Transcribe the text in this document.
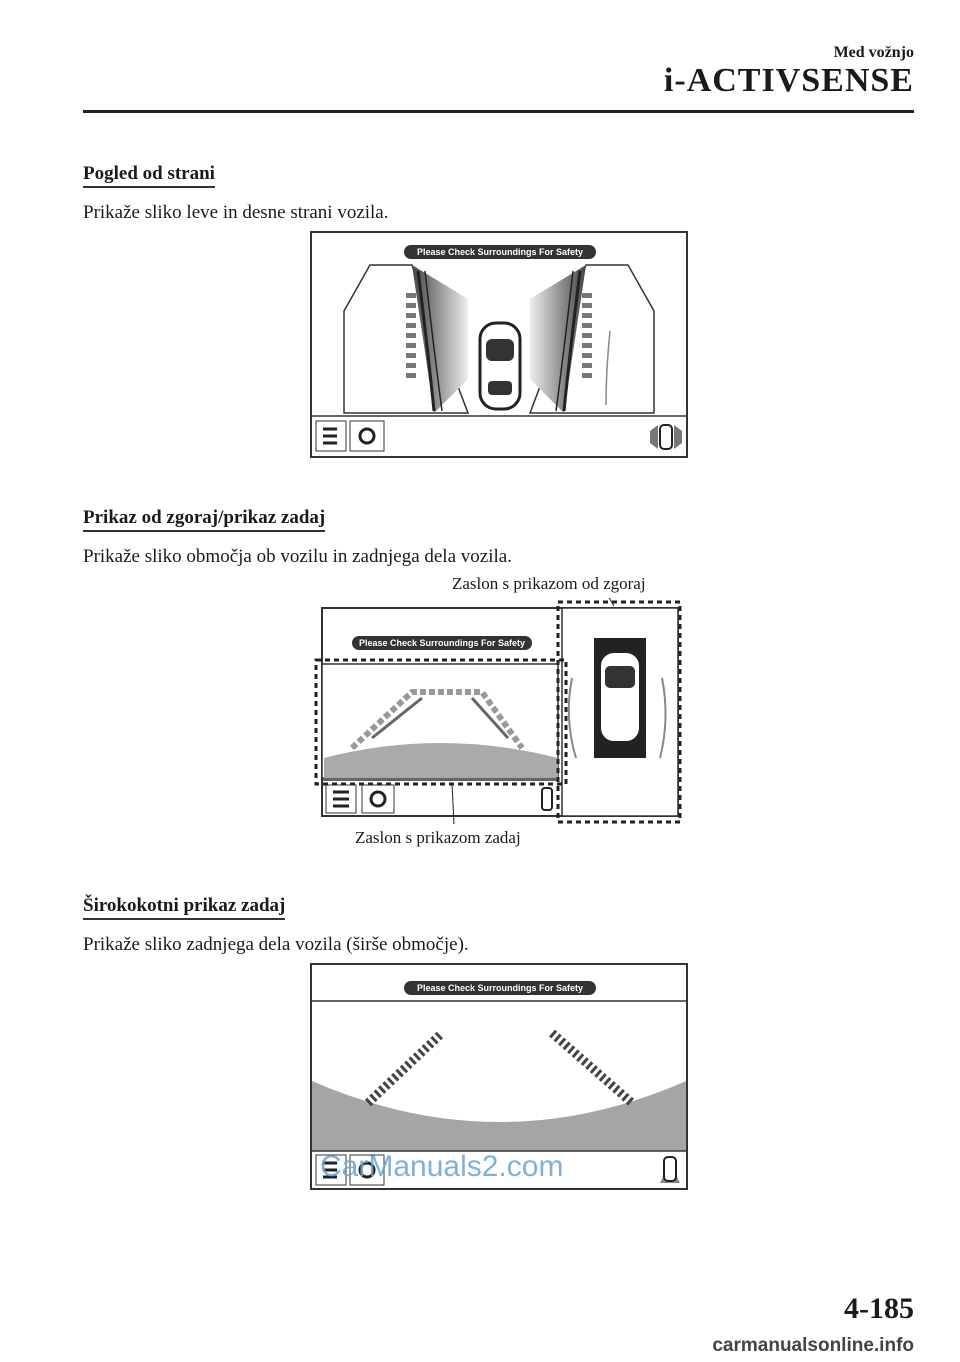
Med vožnjo
i-ACTIVSENSE
Pogled od strani
Prikaže sliko leve in desne strani vozila.
Please Check Surroundings For Safety
Prikaz od zgoraj/prikaz zadaj
Prikaže sliko območja ob vozilu in zadnjega dela vozila.
Zaslon s prikazom od zgoraj
Please Check Surroundings For Safety
Zaslon s prikazom zadaj
Širokokotni prikaz zadaj
Prikaže sliko zadnjega dela vozila (širše območje).
Please Check Surroundings For Safety
CarManuals2.com
4-185
carmanualsonline.info
